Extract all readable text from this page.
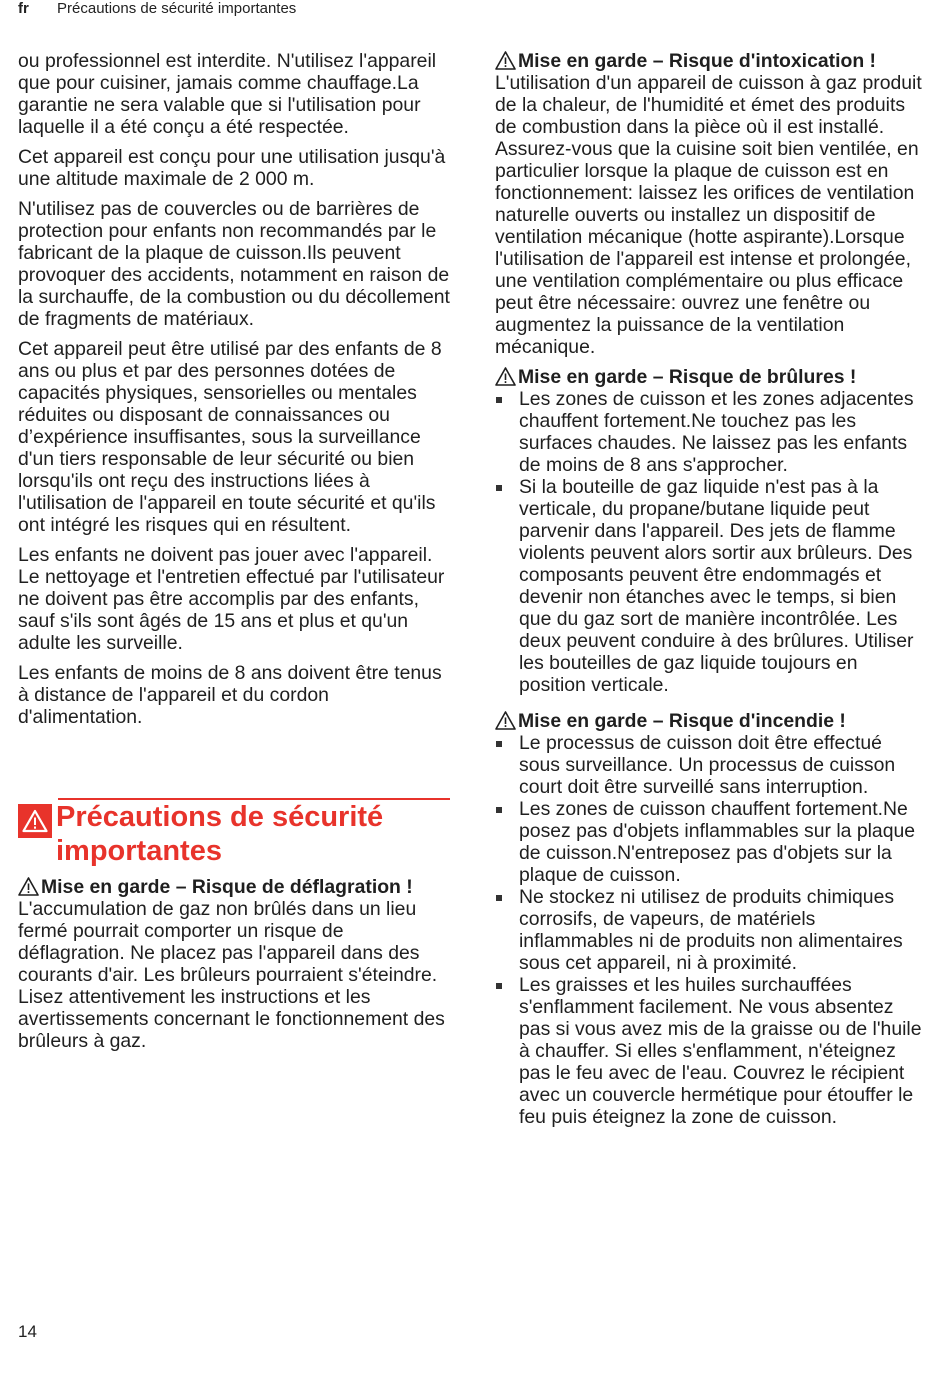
fr Précautions de sécurité importantes

ou professionnel est interdite. N'utilisez l'appareil que pour cuisiner, jamais comme chauffage.La garantie ne sera valable que si l'utilisation pour laquelle il a été conçu a été respectée.

Cet appareil est conçu pour une utilisation jusqu'à une altitude maximale de 2 000 m.

N'utilisez pas de couvercles ou de barrières de protection pour enfants non recommandés par le fabricant de la plaque de cuisson.Ils peuvent provoquer des accidents, notamment en raison de la surchauffe, de la combustion ou du décollement de fragments de matériaux.

Cet appareil peut être utilisé par des enfants de 8 ans ou plus et par des personnes dotées de capacités physiques, sensorielles ou mentales réduites ou disposant de connaissances ou d’expérience insuffisantes, sous la surveillance d'un tiers responsable de leur sécurité ou bien lorsqu'ils ont reçu des instructions liées à l'utilisation de l'appareil en toute sécurité et qu'ils ont intégré les risques qui en résultent.

Les enfants ne doivent pas jouer avec l'appareil. Le nettoyage et l'entretien effectué par l'utilisateur ne doivent pas être accomplis par des enfants, sauf s'ils sont âgés de 15 ans et plus et qu'un adulte les surveille.

Les enfants de moins de 8 ans doivent être tenus à distance de l'appareil et du cordon d'alimentation.

Précautions de sécurité importantes
Mise en garde – Risque de déflagration !

L'accumulation de gaz non brûlés dans un lieu fermé pourrait comporter un risque de déflagration. Ne placez pas l'appareil dans des courants d'air. Les brûleurs pourraient s'éteindre. Lisez attentivement les instructions et les avertissements concernant le fonctionnement des brûleurs à gaz.

Mise en garde – Risque d'intoxication !

L'utilisation d'un appareil de cuisson à gaz produit de la chaleur, de l'humidité et émet des produits de combustion dans la pièce où il est installé. Assurez-vous que la cuisine soit bien ventilée, en particulier lorsque la plaque de cuisson est en fonctionnement: laissez les orifices de ventilation naturelle ouverts ou installez un dispositif de ventilation mécanique (hotte aspirante).Lorsque l'utilisation de l'appareil est intense et prolongée, une ventilation complémentaire ou plus efficace peut être nécessaire: ouvrez une fenêtre ou augmentez la puissance de la ventilation mécanique.

Mise en garde – Risque de brûlures !
Les zones de cuisson et les zones adjacentes chauffent fortement.Ne touchez pas les surfaces chaudes. Ne laissez pas les enfants de moins de 8 ans s'approcher.
Si la bouteille de gaz liquide n'est pas à la verticale, du propane/butane liquide peut parvenir dans l'appareil. Des jets de flamme violents peuvent alors sortir aux brûleurs. Des composants peuvent être endommagés et devenir non étanches avec le temps, si bien que du gaz sort de manière incontrôlée. Les deux peuvent conduire à des brûlures. Utiliser les bouteilles de gaz liquide toujours en position verticale.
Mise en garde – Risque d'incendie !
Le processus de cuisson doit être effectué sous surveillance. Un processus de cuisson court doit être surveillé sans interruption.
Les zones de cuisson chauffent fortement.Ne posez pas d'objets inflammables sur la plaque de cuisson.N'entreposez pas d'objets sur la plaque de cuisson.
Ne stockez ni utilisez de produits chimiques corrosifs, de vapeurs, de matériels inflammables ni de produits non alimentaires sous cet appareil, ni à proximité.
Les graisses et les huiles surchauffées s'enflamment facilement. Ne vous absentez pas si vous avez mis de la graisse ou de l'huile à chauffer. Si elles s'enflamment, n'éteignez pas le feu avec de l'eau. Couvrez le récipient avec un couvercle hermétique pour étouffer le feu puis éteignez la zone de cuisson.
14
